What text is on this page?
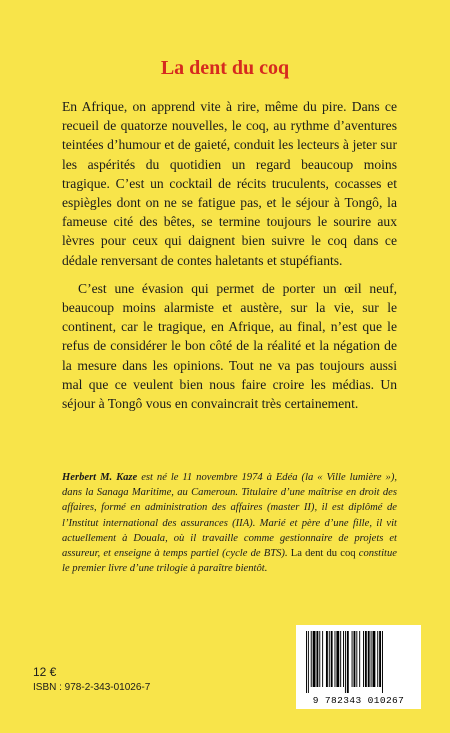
La dent du coq

En Afrique, on apprend vite à rire, même du pire. Dans ce recueil de quatorze nouvelles, le coq, au rythme d’aventures teintées d’humour et de gaieté, conduit les lecteurs à jeter sur les aspérités du quotidien un regard beaucoup moins tragique. C’est un cocktail de récits truculents, cocasses et espiègles dont on ne se fatigue pas, et le séjour à Tongô, la fameuse cité des bêtes, se termine toujours le sourire aux lèvres pour ceux qui daignent bien suivre le coq dans ce dédale renversant de contes haletants et stupéfiants.

C’est une évasion qui permet de porter un œil neuf, beaucoup moins alarmiste et austère, sur la vie, sur le continent, car le tragique, en Afrique, au final, n’est que le refus de considérer le bon côté de la réalité et la négation de la mesure dans les opinions. Tout ne va pas toujours aussi mal que ce veulent bien nous faire croire les médias. Un séjour à Tongô vous en convaincrait très certainement.

Herbert M. Kaze est né le 11 novembre 1974 à Edéa (la « Ville lumière »), dans la Sanaga Maritime, au Cameroun. Titulaire d’une maîtrise en droit des affaires, formé en administration des affaires (master II), il est diplômé de l’Institut international des assurances (IIA). Marié et père d’une fille, il vit actuellement à Douala, où il travaille comme gestionnaire de projets et assureur, et enseigne à temps partiel (cycle de BTS). La dent du coq constitue le premier livre d’une trilogie à paraître bientôt.

12 €
ISBN : 978-2-343-01026-7
9 782343 010267
